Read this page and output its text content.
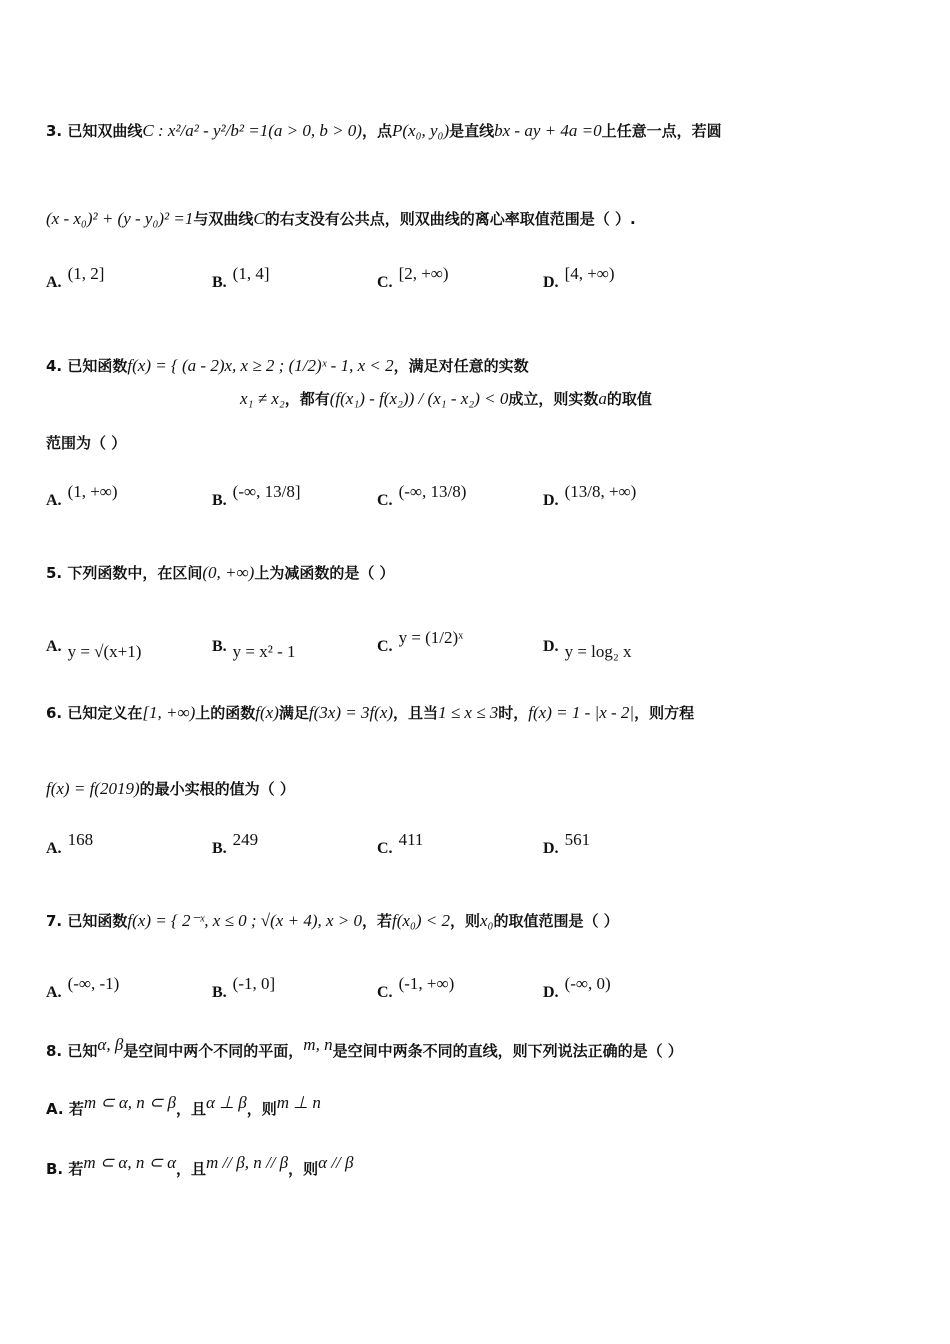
3. 已知双曲线C : x²/a² - y²/b² =1(a > 0, b > 0)，点P(x₀, y₀)是直线bx - ay + 4a =0上任意一点，若圆
(x - x₀)² + (y - y₀)² =1与双曲线C的右支没有公共点，则双曲线的离心率取值范围是（ ）.
A. (1, 2]	B. (1, 4]	C. [2, +∞)	D. [4, +∞)
4. 已知函数f(x) = { (a - 2)x, x ≥ 2 ; (1/2)ˣ - 1, x < 2，满足对任意的实数
x₁ ≠ x₂，都有(f(x₁) - f(x₂)) / (x₁ - x₂) < 0成立，则实数a的取值
范围为（ ）
A. (1, +∞)	B. (-∞, 13/8]	C. (-∞, 13/8)	D. (13/8, +∞)
5. 下列函数中，在区间(0, +∞)上为减函数的是（ ）
A. y = √(x+1)	B. y = x² - 1	C. y = (1/2)ˣ	D. y = log₂ x
6. 已知定义在[1, +∞)上的函数f(x)满足f(3x) = 3f(x)，且当1 ≤ x ≤ 3时，f(x) = 1 - |x - 2|，则方程
f(x) = f(2019)的最小实根的值为（ ）
A. 168	B. 249	C. 411	D. 561
7. 已知函数f(x) = { 2⁻ˣ, x ≤ 0 ; √(x + 4), x > 0，若f(x₀) < 2，则x₀的取值范围是（ ）
A. (-∞, -1)	B. (-1, 0]	C. (-1, +∞)	D. (-∞, 0)
8. 已知α, β是空间中两个不同的平面，m, n是空间中两条不同的直线，则下列说法正确的是（ ）
A. 若m ⊂ α, n ⊂ β，且α ⊥ β，则m ⊥ n
B. 若m ⊂ α, n ⊂ α，且m // β, n // β，则α // β
